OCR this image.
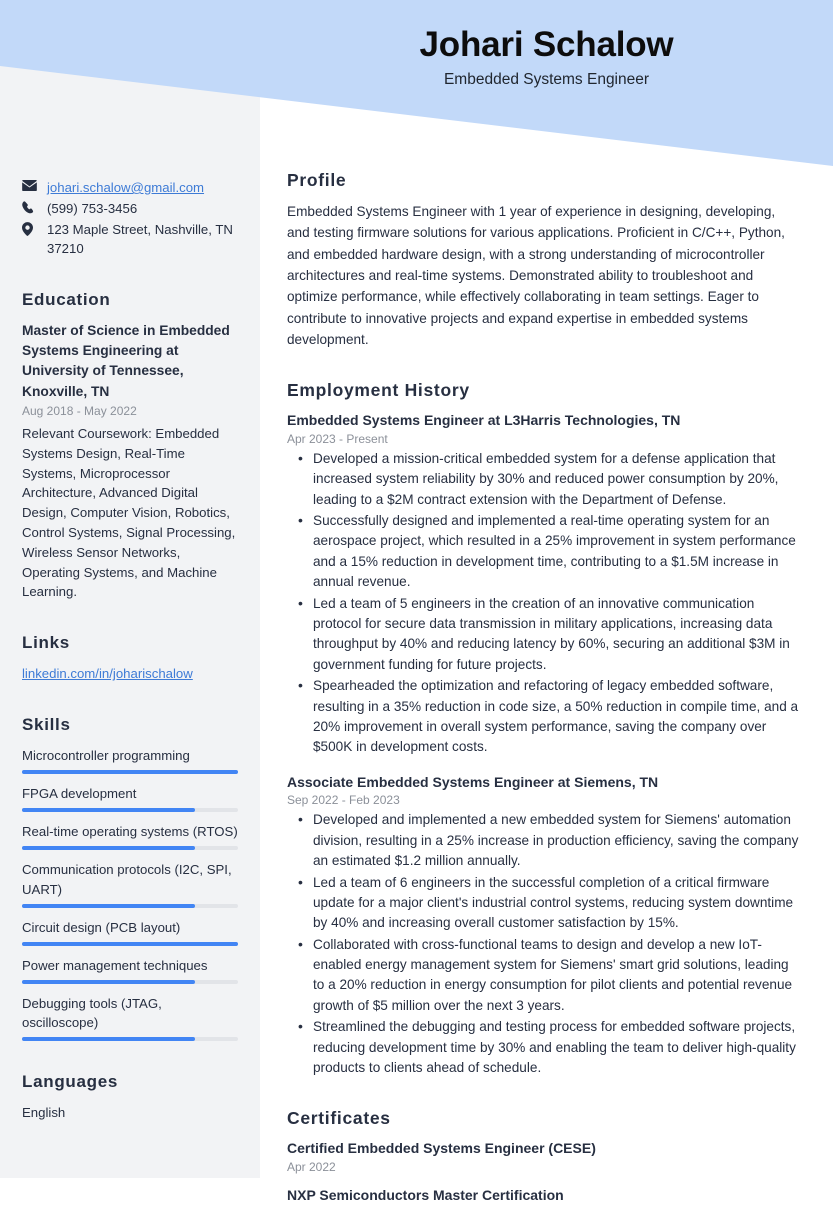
Johari Schalow
Embedded Systems Engineer
johari.schalow@gmail.com
(599) 753-3456
123 Maple Street, Nashville, TN 37210
Education
Master of Science in Embedded Systems Engineering at University of Tennessee, Knoxville, TN
Aug 2018 - May 2022
Relevant Coursework: Embedded Systems Design, Real-Time Systems, Microprocessor Architecture, Advanced Digital Design, Computer Vision, Robotics, Control Systems, Signal Processing, Wireless Sensor Networks, Operating Systems, and Machine Learning.
Links
linkedin.com/in/joharischalow
Skills
Microcontroller programming
FPGA development
Real-time operating systems (RTOS)
Communication protocols (I2C, SPI, UART)
Circuit design (PCB layout)
Power management techniques
Debugging tools (JTAG, oscilloscope)
Languages
English
Profile
Embedded Systems Engineer with 1 year of experience in designing, developing, and testing firmware solutions for various applications. Proficient in C/C++, Python, and embedded hardware design, with a strong understanding of microcontroller architectures and real-time systems. Demonstrated ability to troubleshoot and optimize performance, while effectively collaborating in team settings. Eager to contribute to innovative projects and expand expertise in embedded systems development.
Employment History
Embedded Systems Engineer at L3Harris Technologies, TN
Apr 2023 - Present
• Developed a mission-critical embedded system for a defense application that increased system reliability by 30% and reduced power consumption by 20%, leading to a $2M contract extension with the Department of Defense.
• Successfully designed and implemented a real-time operating system for an aerospace project, which resulted in a 25% improvement in system performance and a 15% reduction in development time, contributing to a $1.5M increase in annual revenue.
• Led a team of 5 engineers in the creation of an innovative communication protocol for secure data transmission in military applications, increasing data throughput by 40% and reducing latency by 60%, securing an additional $3M in government funding for future projects.
• Spearheaded the optimization and refactoring of legacy embedded software, resulting in a 35% reduction in code size, a 50% reduction in compile time, and a 20% improvement in overall system performance, saving the company over $500K in development costs.
Associate Embedded Systems Engineer at Siemens, TN
Sep 2022 - Feb 2023
• Developed and implemented a new embedded system for Siemens' automation division, resulting in a 25% increase in production efficiency, saving the company an estimated $1.2 million annually.
• Led a team of 6 engineers in the successful completion of a critical firmware update for a major client's industrial control systems, reducing system downtime by 40% and increasing overall customer satisfaction by 15%.
• Collaborated with cross-functional teams to design and develop a new IoT-enabled energy management system for Siemens' smart grid solutions, leading to a 20% reduction in energy consumption for pilot clients and potential revenue growth of $5 million over the next 3 years.
• Streamlined the debugging and testing process for embedded software projects, reducing development time by 30% and enabling the team to deliver high-quality products to clients ahead of schedule.
Certificates
Certified Embedded Systems Engineer (CESE)
Apr 2022
NXP Semiconductors Master Certification
